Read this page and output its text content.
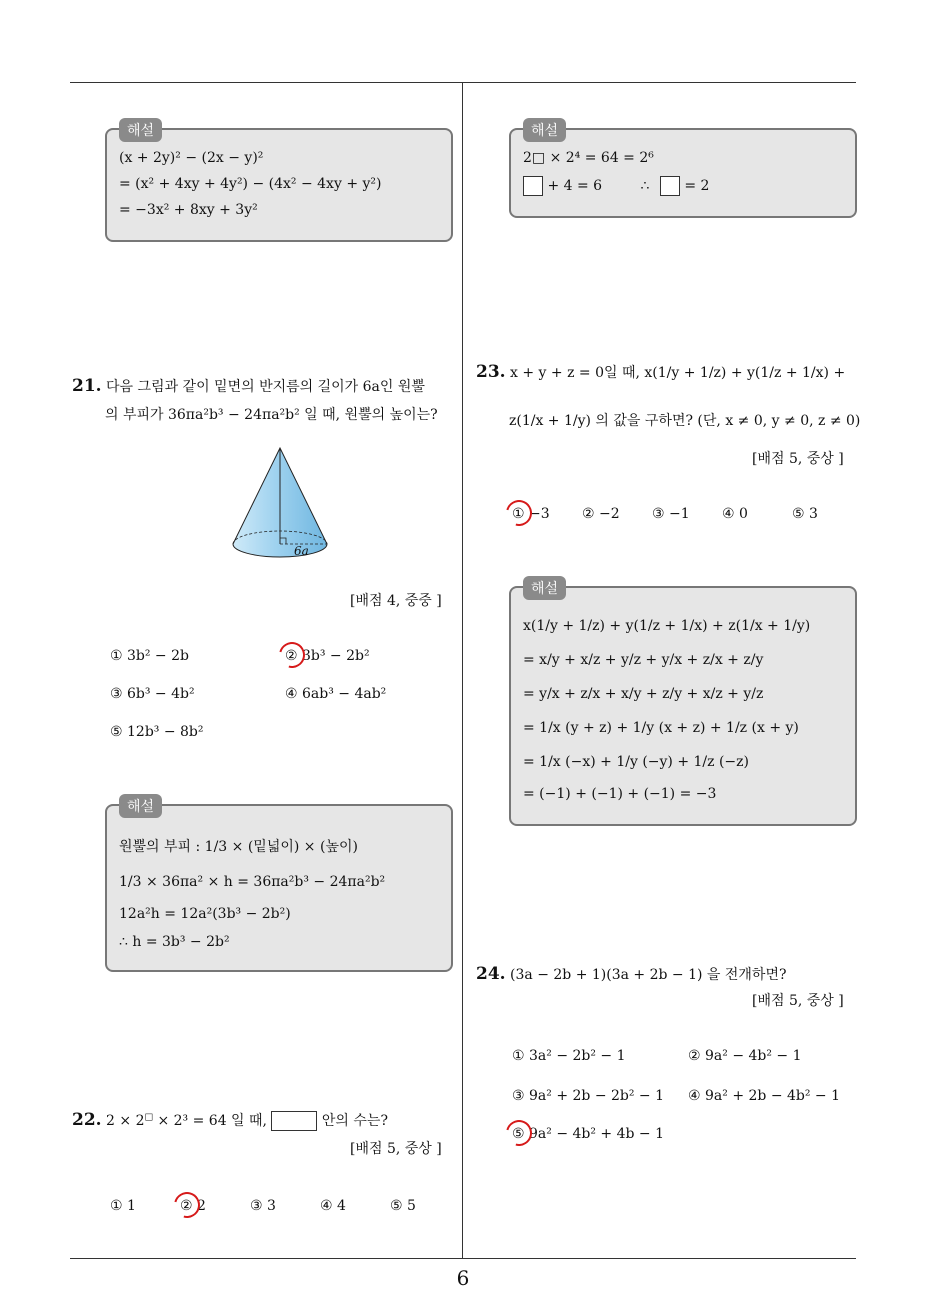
6
해설
(x + 2y)² − (2x − y)²
= (x² + 4xy + 4y²) − (4x² − 4xy + y²)
= −3x² + 8xy + 3y²
21. 다음 그림과 같이 밑면의 반지름의 길이가 6a인 원뿔
의 부피가 36πa²b³ − 24πa²b² 일 때, 원뿔의 높이는?
6a
[배점 4, 중중 ]
① 3b² − 2b	② 3b³ − 2b²
③ 6b³ − 4b²	④ 6ab³ − 4ab²
⑤ 12b³ − 8b²
해설
원뿔의 부피 : 1/3 × (밑넓이) × (높이)
1/3 × 36πa² × h = 36πa²b³ − 24πa²b²
12a²h = 12a²(3b³ − 2b²)
∴ h = 3b³ − 2b²
22. 2 × 2□ × 2³ = 64 일 때,	안의 수는?
[배점 5, 중상 ]
① 1	② 2	③ 3	④ 4	⑤ 5
해설
2□ × 2⁴ = 64 = 2⁶
+ 4 = 6	∴ = 2
23. x + y + z = 0일 때, x(1/y + 1/z) + y(1/z + 1/x) +
z(1/x + 1/y) 의 값을 구하면? (단, x ≠ 0, y ≠ 0, z ≠ 0)
[배점 5, 중상 ]
① −3 ② −2 ③ −1 ④ 0	⑤ 3
해설
x(1/y + 1/z) + y(1/z + 1/x) + z(1/x + 1/y)
= x/y + x/z + y/z + y/x + z/x + z/y
= y/x + z/x + x/y + z/y + x/z + y/z
= 1/x (y + z) + 1/y (x + z) + 1/z (x + y)
= 1/x (−x) + 1/y (−y) + 1/z (−z)
= (−1) + (−1) + (−1) = −3
24. (3a − 2b + 1)(3a + 2b − 1) 을 전개하면?
[배점 5, 중상 ]
① 3a² − 2b² − 1	② 9a² − 4b² − 1
③ 9a² + 2b − 2b² − 1 ④ 9a² + 2b − 4b² − 1
⑤ 9a² − 4b² + 4b − 1
